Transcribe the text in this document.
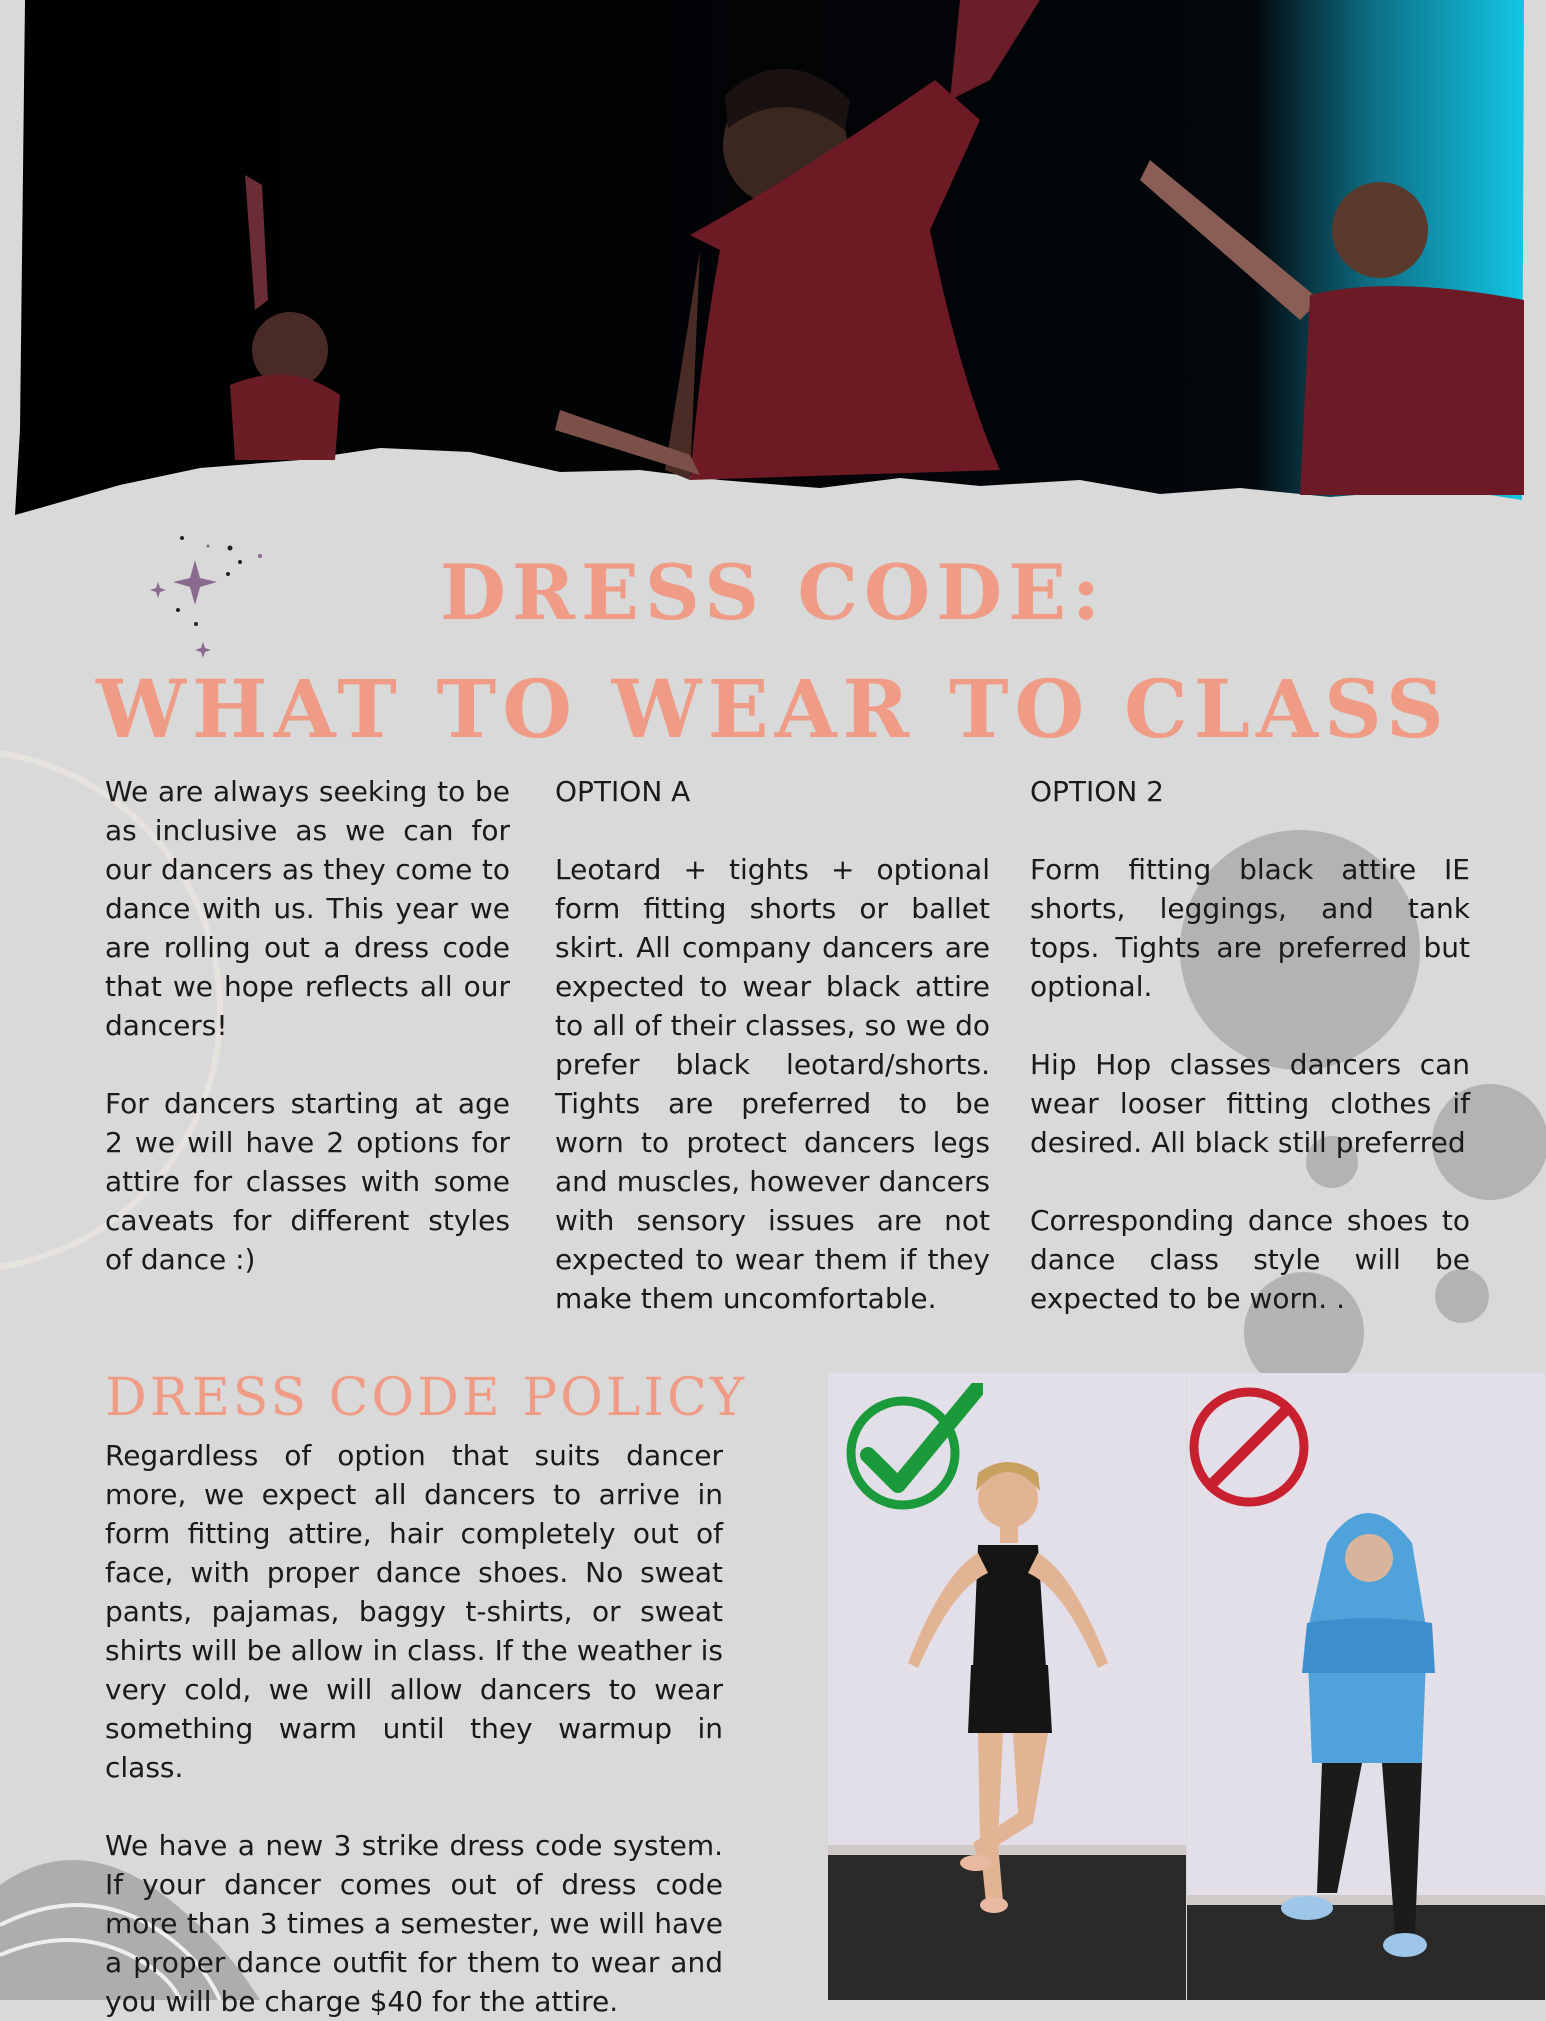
DRESS CODE:
WHAT TO WEAR TO CLASS

We are always seeking to be as inclusive as we can for our dancers as they come to dance with us. This year we are rolling out a dress code that we hope reflects all our dancers!

For dancers starting at age 2 we will have 2 options for attire for classes with some caveats for different styles of dance :)

OPTION A

Leotard + tights + optional form fitting shorts or ballet skirt. All company dancers are expected to wear black attire to all of their classes, so we do prefer black leotard/shorts. Tights are preferred to be worn to protect dancers legs and muscles, however dancers with sensory issues are not expected to wear them if they make them uncomfortable.

OPTION 2

Form fitting black attire IE shorts, leggings, and tank tops. Tights are preferred but optional.

Hip Hop classes dancers can wear looser fitting clothes if desired. All black still preferred

Corresponding dance shoes to dance class style will be expected to be worn. .

DRESS CODE POLICY

Regardless of option that suits dancer more, we expect all dancers to arrive in form fitting attire, hair completely out of face, with proper dance shoes. No sweat pants, pajamas, baggy t-shirts, or sweat shirts will be allow in class. If the weather is very cold, we will allow dancers to wear something warm until they warmup in class.

We have a new 3 strike dress code system. If your dancer comes out of dress code more than 3 times a semester, we will have a proper dance outfit for them to wear and you will be charge $40 for the attire.
